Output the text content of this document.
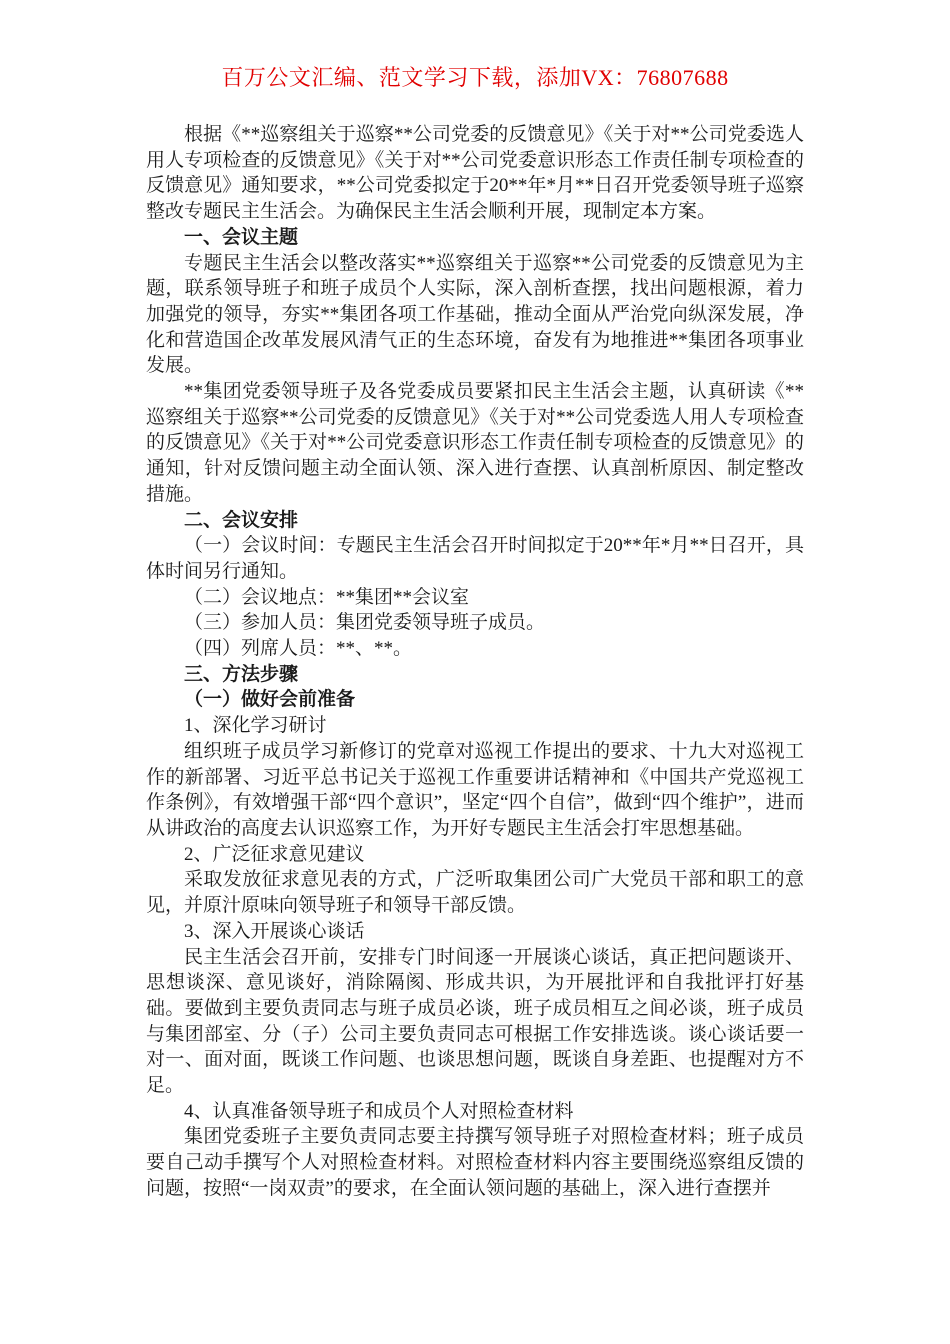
百万公文汇编、范文学习下载，添加VX：76807688

根据《**巡察组关于巡察**公司党委的反馈意见》《关于对**公司党委选人用人专项检查的反馈意见》《关于对**公司党委意识形态工作责任制专项检查的反馈意见》通知要求，**公司党委拟定于20**年*月**日召开党委领导班子巡察整改专题民主生活会。为确保民主生活会顺利开展，现制定本方案。

一、会议主题

专题民主生活会以整改落实**巡察组关于巡察**公司党委的反馈意见为主题，联系领导班子和班子成员个人实际，深入剖析查摆，找出问题根源，着力加强党的领导，夯实**集团各项工作基础，推动全面从严治党向纵深发展，净化和营造国企改革发展风清气正的生态环境，奋发有为地推进**集团各项事业发展。

**集团党委领导班子及各党委成员要紧扣民主生活会主题，认真研读《**巡察组关于巡察**公司党委的反馈意见》《关于对**公司党委选人用人专项检查的反馈意见》《关于对**公司党委意识形态工作责任制专项检查的反馈意见》的通知，针对反馈问题主动全面认领、深入进行查摆、认真剖析原因、制定整改措施。

二、会议安排

（一）会议时间：专题民主生活会召开时间拟定于20**年*月**日召开，具体时间另行通知。

（二）会议地点：**集团**会议室

（三）参加人员：集团党委领导班子成员。

（四）列席人员：**、**。

三、方法步骤

（一）做好会前准备

1、深化学习研讨

组织班子成员学习新修订的党章对巡视工作提出的要求、十九大对巡视工作的新部署、习近平总书记关于巡视工作重要讲话精神和《中国共产党巡视工作条例》，有效增强干部“四个意识”，坚定“四个自信”，做到“四个维护”，进而从讲政治的高度去认识巡察工作，为开好专题民主生活会打牢思想基础。

2、广泛征求意见建议

采取发放征求意见表的方式，广泛听取集团公司广大党员干部和职工的意见，并原汁原味向领导班子和领导干部反馈。

3、深入开展谈心谈话

民主生活会召开前，安排专门时间逐一开展谈心谈话，真正把问题谈开、思想谈深、意见谈好，消除隔阂、形成共识，为开展批评和自我批评打好基础。要做到主要负责同志与班子成员必谈，班子成员相互之间必谈，班子成员与集团部室、分（子）公司主要负责同志可根据工作安排选谈。谈心谈话要一对一、面对面，既谈工作问题、也谈思想问题，既谈自身差距、也提醒对方不足。

4、认真准备领导班子和成员个人对照检查材料

集团党委班子主要负责同志要主持撰写领导班子对照检查材料；班子成员要自己动手撰写个人对照检查材料。对照检查材料内容主要围绕巡察组反馈的问题，按照“一岗双责”的要求，在全面认领问题的基础上，深入进行查摆并
